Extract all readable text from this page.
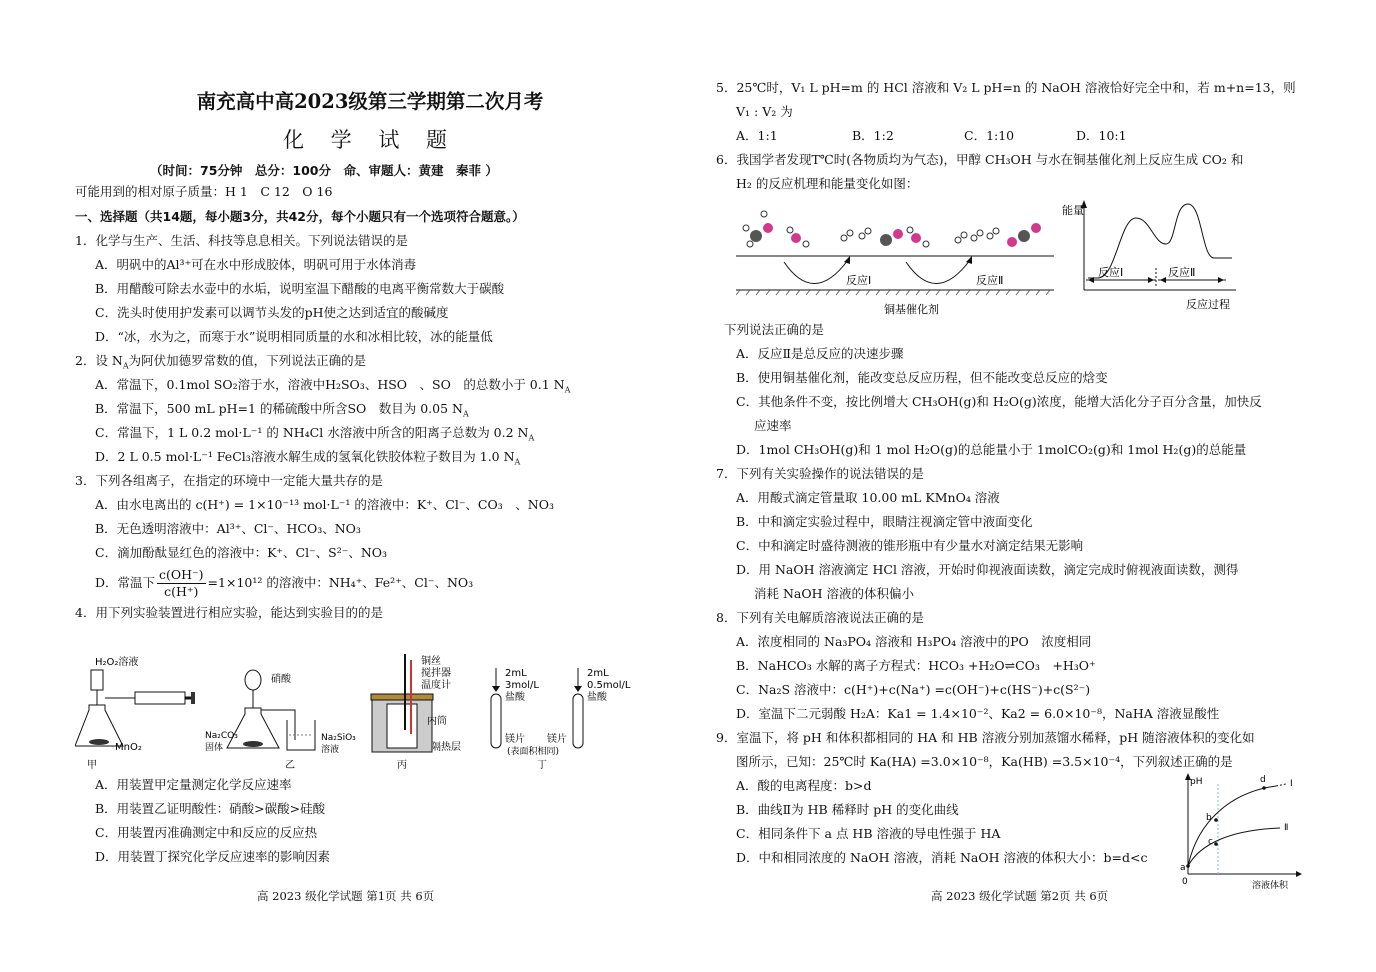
南充高中高2023级第三学期第二次月考
化 学 试 题
（时间：75分钟　总分：100分　命、审题人：黄建　秦菲 ）
可能用到的相对原子质量：H 1　C 12　O 16
一、选择题（共14题，每小题3分，共42分，每个小题只有一个选项符合题意。）
1．化学与生产、生活、科技等息息相关。下列说法错误的是
A．明矾中的Al³⁺可在水中形成胶体，明矾可用于水体消毒
B．用醋酸可除去水壶中的水垢，说明室温下醋酸的电离平衡常数大于碳酸
C．洗头时使用护发素可以调节头发的pH使之达到适宜的酸碱度
D．“冰，水为之，而寒于水”说明相同质量的水和冰相比较，冰的能量低
2．设 $N_A$为阿伏加德罗常数的值，下列说法正确的是
A．常温下，0.1mol SO₂溶于水，溶液中H₂SO₃、HSO　、SO　的总数小于 0.1 $N_A$
B．常温下，500 mL pH=1 的稀硫酸中所含SO　数目为 0.05 $N_A$
C．常温下，1 L 0.2 mol·L⁻¹ 的 NH₄Cl 水溶液中所含的阳离子总数为 0.2 $N_A$
D．2 L 0.5 mol·L⁻¹ FeCl₃溶液水解生成的氢氧化铁胶体粒子数目为 1.0 $N_A$
3．下列各组离子，在指定的环境中一定能大量共存的是
A．由水电离出的 c(H⁺) = 1×10⁻¹³ mol·L⁻¹ 的溶液中：K⁺、Cl⁻、CO₃　、NO₃
B．无色透明溶液中：Al³⁺、Cl⁻、HCO₃、NO₃
C．滴加酚酞显红色的溶液中：K⁺、Cl⁻、S²⁻、NO₃
D．常温下 $\frac{c(OH^-)}{c(H^+)} =1\times 10^{12}$ 的溶液中：NH₄⁺、Fe²⁺、Cl⁻、NO₃
4．用下列实验装置进行相应实验，能达到实验目的的是
H₂O₂溶液
MnO₂
甲
硝酸
Na₂CO₃
固体
Na₂SiO₃
溶液
乙
铜丝
搅拌器
温度计
内筒
隔热层
丙
2mL
3mol/L
盐酸
2mL
0.5mol/L
盐酸
镁片 镁片
(表面积相同)
丁
A．用装置甲定量测定化学反应速率
B．用装置乙证明酸性：硝酸>碳酸>硅酸
C．用装置丙准确测定中和反应的反应热
D．用装置丁探究化学反应速率的影响因素
高 2023 级化学试题 第1页 共 6页
5．25℃时，V₁ L pH=m 的 HCl 溶液和 V₂ L pH=n 的 NaOH 溶液恰好完全中和，若 m+n=13，则
V₁ : V₂ 为
A．1:1	B．1:2	C．1:10	D．10:1
6．我国学者发现T℃时(各物质均为气态)，甲醇 CH₃OH 与水在铜基催化剂上反应生成 CO₂ 和
H₂ 的反应机理和能量变化如图：
反应Ⅰ	反应Ⅱ
铜基催化剂
能量
反应Ⅰ	反应Ⅱ
反应过程
下列说法正确的是
A．反应Ⅱ是总反应的决速步骤
B．使用铜基催化剂，能改变总反应历程，但不能改变总反应的焓变
C．其他条件不变，按比例增大 CH₃OH(g)和 H₂O(g)浓度，能增大活化分子百分含量，加快反
应速率
D．1mol CH₃OH(g)和 1 mol H₂O(g)的总能量小于 1molCO₂(g)和 1mol H₂(g)的总能量
7．下列有关实验操作的说法错误的是
A．用酸式滴定管量取 10.00 mL KMnO₄ 溶液
B．中和滴定实验过程中，眼睛注视滴定管中液面变化
C．中和滴定时盛待测液的锥形瓶中有少量水对滴定结果无影响
D．用 NaOH 溶液滴定 HCl 溶液，开始时仰视液面读数，滴定完成时俯视液面读数，测得
消耗 NaOH 溶液的体积偏小
8．下列有关电解质溶液说法正确的是
A．浓度相同的 Na₃PO₄ 溶液和 H₃PO₄ 溶液中的PO　浓度相同
B．NaHCO₃ 水解的离子方程式：HCO₃ +H₂O⇌CO₃　+H₃O⁺
C．Na₂S 溶液中：c(H⁺)+c(Na⁺) =c(OH⁻)+c(HS⁻)+c(S²⁻)
D．室温下二元弱酸 H₂A：Ka1 = 1.4×10⁻²、Ka2 = 6.0×10⁻⁸，NaHA 溶液显酸性
9．室温下，将 pH 和体积都相同的 HA 和 HB 溶液分别加蒸馏水稀释，pH 随溶液体积的变化如
图所示，已知：25℃时 Ka(HA) =3.0×10⁻⁸，Ka(HB) =3.5×10⁻⁴，下列叙述正确的是
A．酸的电离程度：b>d
B．曲线Ⅱ为 HB 稀释时 pH 的变化曲线
C．相同条件下 a 点 HB 溶液的导电性强于 HA
D．中和相同浓度的 NaOH 溶液，消耗 NaOH 溶液的体积大小：b=d<c
pH
溶液体积
0
a
b
c
d	Ⅰ
Ⅱ
高 2023 级化学试题 第2页 共 6页
